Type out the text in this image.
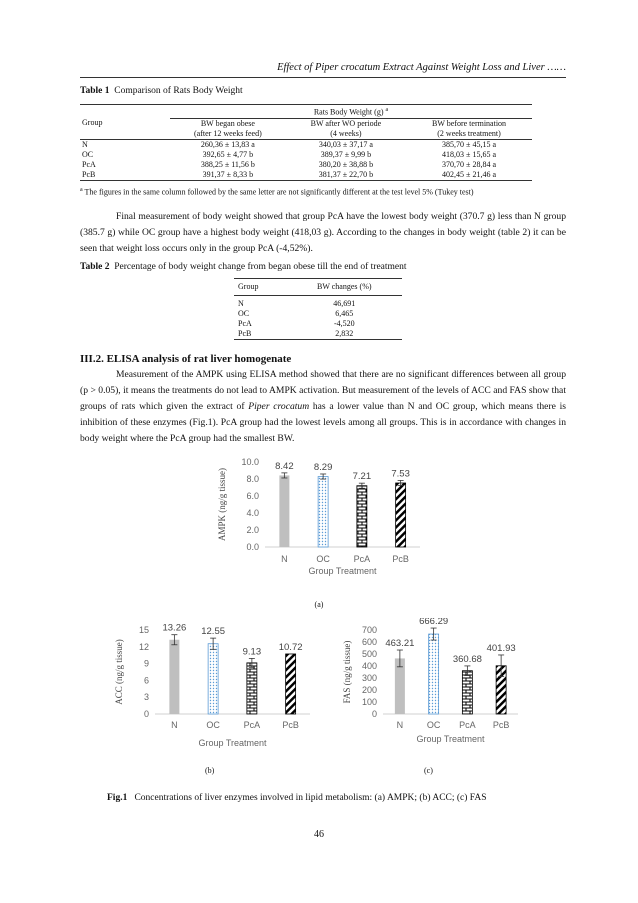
Effect of Piper crocatum Extract Against Weight Loss and Liver ……
Table 1 Comparison of Rats Body Weight
	Rats Body Weight (g) $^a$
Group	BW began obese	BW after WO periode	BW before termination
	(after 12 weeks feed)	(4 weeks)	(2 weeks treatment)
N	260,36 ± 13,83 a	340,03 ± 37,17 a	385,70 ± 45,15 a
OC	392,65 ± 4,77 b	389,37 ± 9,99 b	418,03 ± 15,65 a
PcA	388,25 ± 11,56 b	380,20 ± 38,88 b	370,70 ± 28,84 a
PcB	391,37 ± 8,33 b	381,37 ± 22,70 b	402,45 ± 21,46 a
$^a$ The figures in the same column followed by the same letter are not significantly different at the test level 5% (Tukey test)
Final measurement of body weight showed that group PcA have the lowest body weight (370.7 g) less than N group (385.7 g) while OC group have a highest body weight (418,03 g). According to the changes in body weight (table 2) it can be seen that weight loss occurs only in the group PcA (-4,52%).
Table 2 Percentage of body weight change from began obese till the end of treatment
Group	BW changes (%)
N	46,691
OC	6,465
PcA	-4,520
PcB	2,832
III.2. ELISA analysis of rat liver homogenate
Measurement of the AMPK using ELISA method showed that there are no significant differences between all group (p > 0.05), it means the treatments do not lead to AMPK activation. But measurement of the levels of ACC and FAS show that groups of rats which given the extract of Piper crocatum has a lower value than N and OC group, which means there is inhibition of these enzymes (Fig.1). PcA group had the lowest levels among all groups. This is in accordance with changes in body weight where the PcA group had the smallest BW.
0.0
2.0
4.0
6.0
8.0
10.0 8.42
N
8.29
OC
7.21
PcA
7.53
PcB
AMPK (ng/g tissue)
Group Treatment
(a)
0
3
6
9
12
15 13.26
N
12.55
OC
9.13
PcA
10.72
PcB
ACC (ng/g tissue)
Group Treatment
(b)
0
100
200
300
400
500
600
700
463.21
N
666.29
OC
360.68
PcA
401.93
PcB
FAS (ng/g tissue)
Group Treatment
(c)
Fig.1 Concentrations of liver enzymes involved in lipid metabolism: (a) AMPK; (b) ACC; (c) FAS
46
